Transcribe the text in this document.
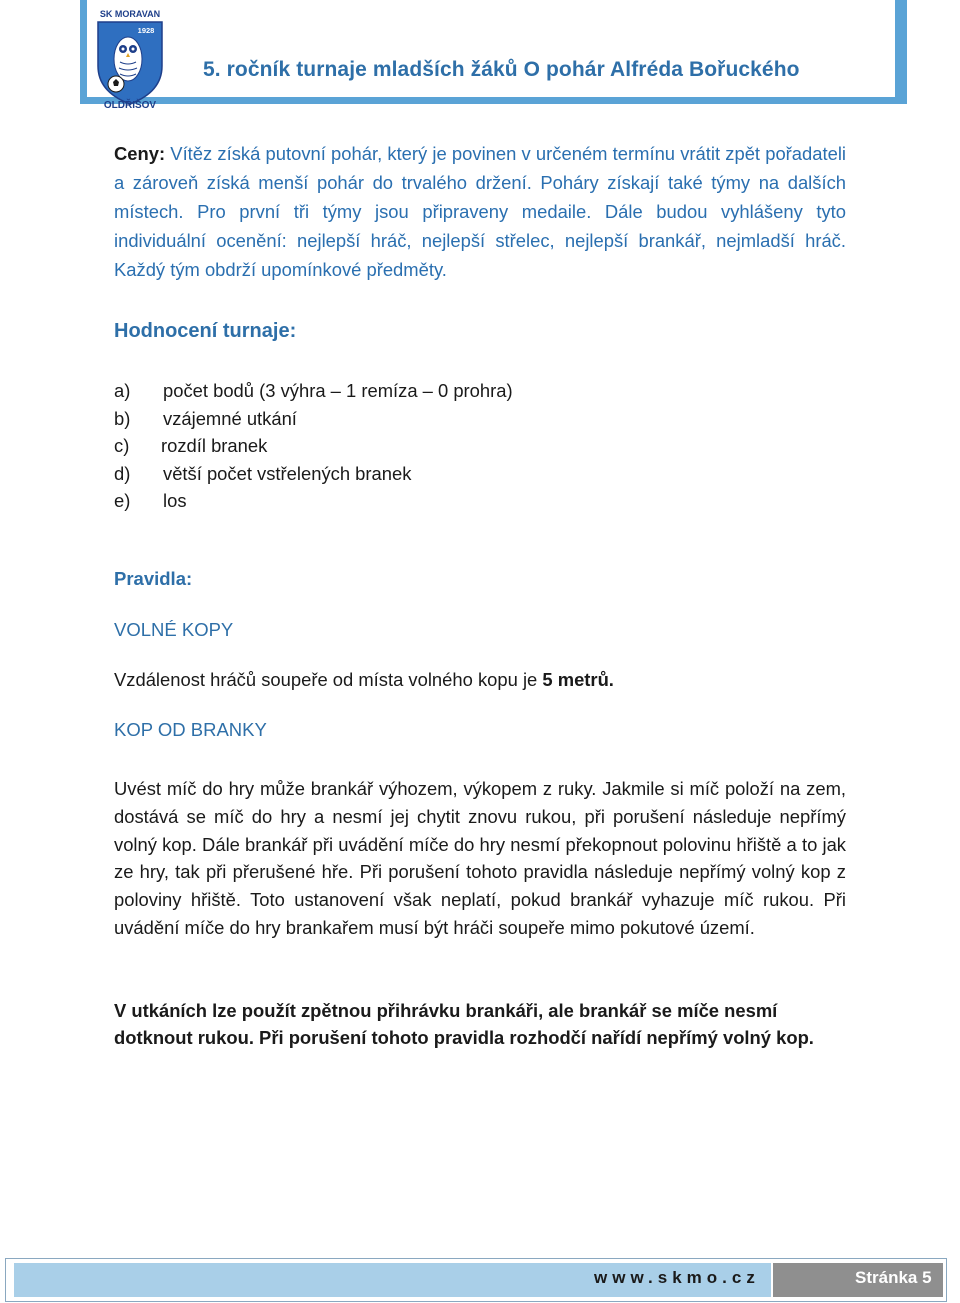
SK MORAVAN
1928
OLDŘIŠOV
5. ročník turnaje mladších žáků O pohár Alfréda Bořuckého

Ceny: Vítěz získá putovní pohár, který je povinen v určeném termínu vrátit zpět pořadateli a zároveň získá menší pohár do trvalého držení. Poháry získají také týmy na dalších místech. Pro první tři týmy jsou připraveny medaile. Dále budou vyhlášeny tyto individuální ocenění: nejlepší hráč, nejlepší střelec, nejlepší brankář, nejmladší hráč. Každý tým obdrží upomínkové předměty.

Hodnocení turnaje:
a)	počet bodů (3 výhra – 1 remíza – 0 prohra)
b)	vzájemné utkání
c)	rozdíl branek
d)	větší počet vstřelených branek
e)	los
Pravidla:
VOLNÉ KOPY
Vzdálenost hráčů soupeře od místa volného kopu je 5 metrů.
KOP OD BRANKY

Uvést míč do hry může brankář výhozem, výkopem z ruky. Jakmile si míč položí na zem, dostává se míč do hry a nesmí jej chytit znovu rukou, při porušení následuje nepřímý volný kop. Dále brankář při uvádění míče do hry nesmí překopnout polovinu hřiště a to jak ze hry, tak při přerušené hře. Při porušení tohoto pravidla následuje nepřímý volný kop z poloviny hřiště. Toto ustanovení však neplatí, pokud brankář vyhazuje míč rukou. Při uvádění míče do hry brankařem musí být hráči soupeře mimo pokutové území.

V utkáních lze použít zpětnou přihrávku brankáři, ale brankář se míče nesmí dotknout rukou. Při porušení tohoto pravidla rozhodčí nařídí nepřímý volný kop.

www.skmo.cz	Stránka 5
